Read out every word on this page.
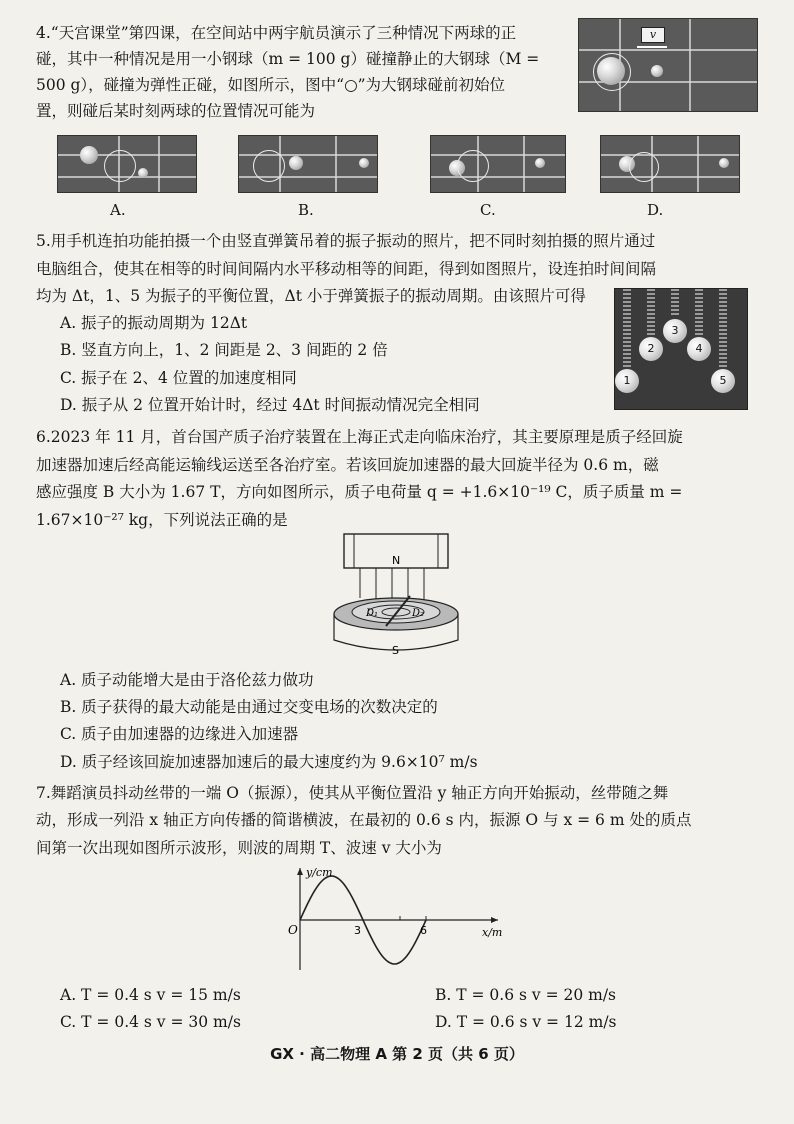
4.“天宫课堂”第四课，在空间站中两宇航员演示了三种情况下两球的正
碰，其中一种情况是用一小钢球（m = 100 g）碰撞静止的大钢球（M =
500 g），碰撞为弹性正碰，如图所示，图中“○”为大钢球碰前初始位
置，则碰后某时刻两球的位置情况可能为
v
A.	B.	C.	D.
5.用手机连拍功能拍摄一个由竖直弹簧吊着的振子振动的照片，把不同时刻拍摄的照片通过
电脑组合，使其在相等的时间间隔内水平移动相等的间距，得到如图照片，设连拍时间间隔
均为 Δt，1、5 为振子的平衡位置，Δt 小于弹簧振子的振动周期。由该照片可得
A. 振子的振动周期为 12Δt
B. 竖直方向上，1、2 间距是 2、3 间距的 2 倍
C. 振子在 2、4 位置的加速度相同
D. 振子从 2 位置开始计时，经过 4Δt 时间振动情况完全相同
1
2
3
4
5
6.2023 年 11 月，首台国产质子治疗装置在上海正式走向临床治疗，其主要原理是质子经回旋
加速器加速后经高能运输线运送至各治疗室。若该回旋加速器的最大回旋半径为 0.6 m，磁
感应强度 B 大小为 1.67 T，方向如图所示，质子电荷量 q = +1.6×10⁻¹⁹ C，质子质量 m =
1.67×10⁻²⁷ kg，下列说法正确的是
N
S
D₁	D₂
A. 质子动能增大是由于洛伦兹力做功
B. 质子获得的最大动能是由通过交变电场的次数决定的
C. 质子由加速器的边缘进入加速器
D. 质子经该回旋加速器加速后的最大速度约为 9.6×10⁷ m/s
7.舞蹈演员抖动丝带的一端 O（振源），使其从平衡位置沿 y 轴正方向开始振动，丝带随之舞
动，形成一列沿 x 轴正方向传播的简谐横波，在最初的 0.6 s 内，振源 O 与 x = 6 m 处的质点
间第一次出现如图所示波形，则波的周期 T、波速 v 大小为
y/cm
x/m
O	3	6
A. T = 0.4 s v = 15 m/s	B. T = 0.6 s v = 20 m/s
C. T = 0.4 s v = 30 m/s	D. T = 0.6 s v = 12 m/s
GX · 高二物理 A 第 2 页（共 6 页）
